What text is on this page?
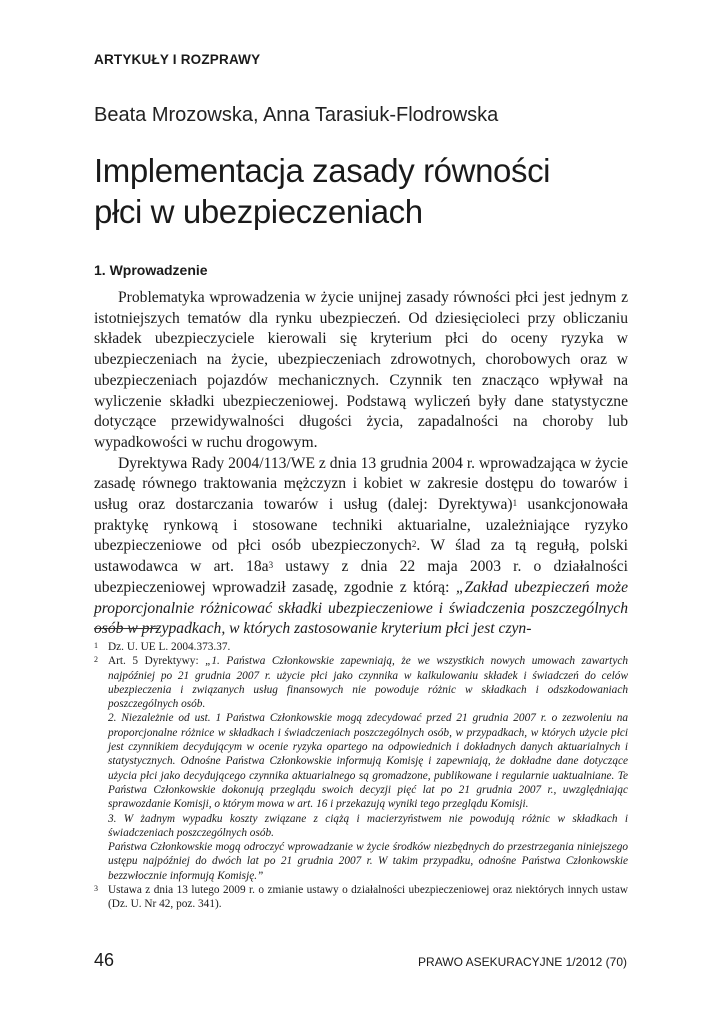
ARTYKUŁY I ROZPRAWY
Beata Mrozowska, Anna Tarasiuk-Flodrowska
Implementacja zasady równości
płci w ubezpieczeniach
1. Wprowadzenie

Problematyka wprowadzenia w życie unijnej zasady równości płci jest jednym z istotniejszych tematów dla rynku ubezpieczeń. Od dziesięcioleci przy obliczaniu składek ubezpieczyciele kierowali się kryterium płci do oceny ryzyka w ubezpieczeniach na życie, ubezpieczeniach zdrowotnych, chorobowych oraz w ubezpieczeniach pojazdów mechanicznych. Czynnik ten znacząco wpływał na wyliczenie składki ubezpieczeniowej. Podstawą wyliczeń były dane statystyczne dotyczące przewidywalności długości życia, zapadalności na choroby lub wypadkowości w ruchu drogowym.

Dyrektywa Rady 2004/113/WE z dnia 13 grudnia 2004 r. wprowadzająca w życie zasadę równego traktowania mężczyzn i kobiet w zakresie dostępu do towarów i usług oraz dostarczania towarów i usług (dalej: Dyrektywa)$^1$ usankcjonowała praktykę rynkową i stosowane techniki aktuarialne, uzależniające ryzyko ubezpieczeniowe od płci osób ubezpieczonych$^2$. W ślad za tą regułą, polski ustawodawca w art. $18a^3$ ustawy z dnia 22 maja 2003 r. o działalności ubezpieczeniowej wprowadził zasadę, zgodnie z którą: „Zakład ubezpieczeń może proporcjonalnie różnicować składki ubezpieczeniowe i świadczenia poszczególnych osób w przypadkach, w których zastosowanie kryterium płci jest czyn-

1 Dz. U. UE L. 2004.373.37.

2 Art. 5 Dyrektywy: „1. Państwa Członkowskie zapewniają, że we wszystkich nowych umowach zawartych najpóźniej po 21 grudnia 2007 r. użycie płci jako czynnika w kalkulowaniu składek i świadczeń do celów ubezpieczenia i związanych usług finansowych nie powoduje różnic w składkach i odszkodowaniach poszczególnych osób.

2. Niezależnie od ust. 1 Państwa Członkowskie mogą zdecydować przed 21 grudnia 2007 r. o zezwoleniu na proporcjonalne różnice w składkach i świadczeniach poszczególnych osób, w przypadkach, w których użycie płci jest czynnikiem decydującym w ocenie ryzyka opartego na odpowiednich i dokładnych danych aktuarialnych i statystycznych. Odnośne Państwa Członkowskie informują Komisję i zapewniają, że dokładne dane dotyczące użycia płci jako decydującego czynnika aktuarialnego są gromadzone, publikowane i regularnie uaktualniane. Te Państwa Członkowskie dokonują przeglądu swoich decyzji pięć lat po 21 grudnia 2007 r., uwzględniając sprawozdanie Komisji, o którym mowa w art. 16 i przekazują wyniki tego przeglądu Komisji.

3. W żadnym wypadku koszty związane z ciążą i macierzyństwem nie powodują różnic w składkach i świadczeniach poszczególnych osób.

Państwa Członkowskie mogą odroczyć wprowadzanie w życie środków niezbędnych do przestrzegania niniejszego ustępu najpóźniej do dwóch lat po 21 grudnia 2007 r. W takim przypadku, odnośne Państwa Członkowskie bezzwłocznie informują Komisję.”

3 Ustawa z dnia 13 lutego 2009 r. o zmianie ustawy o działalności ubezpieczeniowej oraz niektórych innych ustaw (Dz. U. Nr 42, poz. 341).

46	PRAWO ASEKURACYJNE 1/2012 (70)
